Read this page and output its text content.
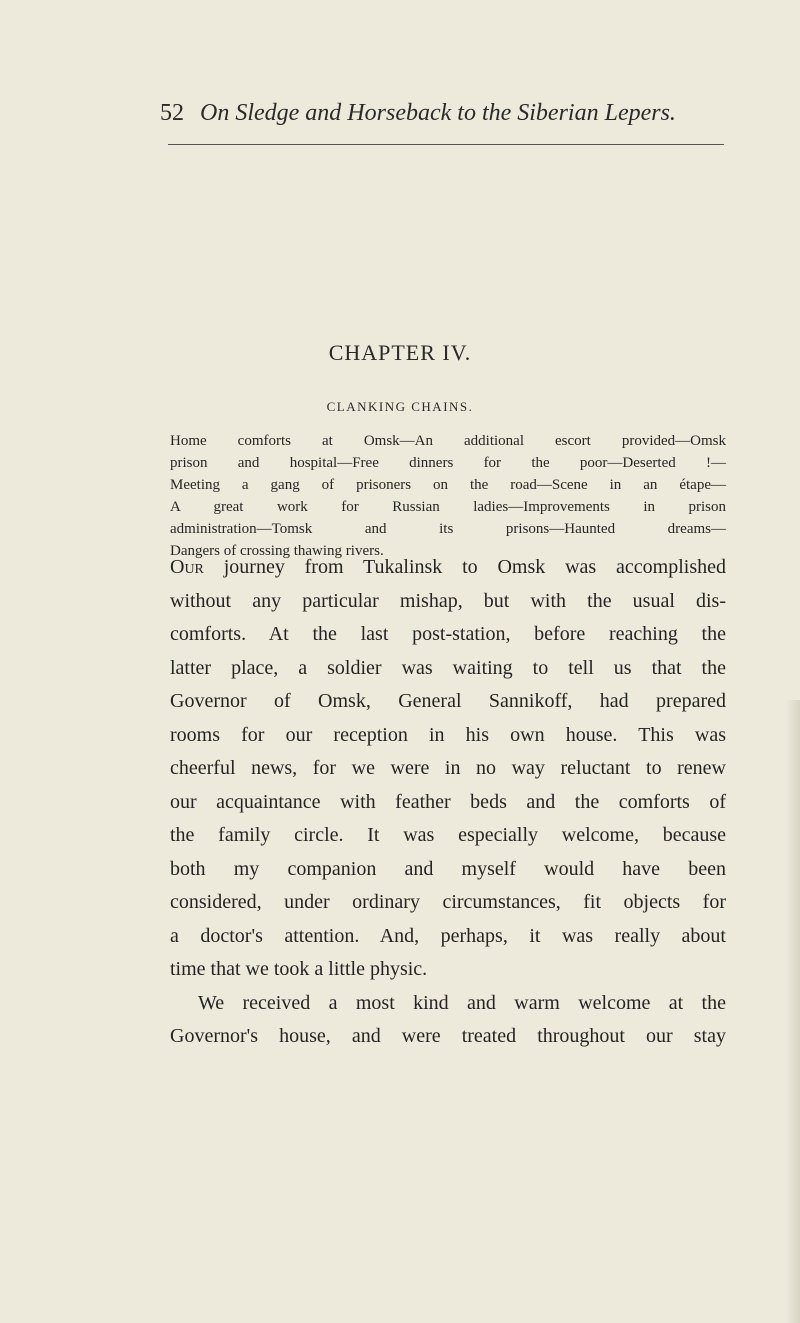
52 On Sledge and Horseback to the Siberian Lepers.
CHAPTER IV.
CLANKING CHAINS.
Home comforts at Omsk—An additional escort provided—Omsk
prison and hospital—Free dinners for the poor—Deserted !—
Meeting a gang of prisoners on the road—Scene in an étape—
A great work for Russian ladies—Improvements in prison
administration—Tomsk and its prisons—Haunted dreams—
Dangers of crossing thawing rivers.
Our journey from Tukalinsk to Omsk was accomplished
without any particular mishap, but with the usual dis-
comforts. At the last post-station, before reaching the
latter place, a soldier was waiting to tell us that the
Governor of Omsk, General Sannikoff, had prepared
rooms for our reception in his own house. This was
cheerful news, for we were in no way reluctant to renew
our acquaintance with feather beds and the comforts of
the family circle. It was especially welcome, because
both my companion and myself would have been
considered, under ordinary circumstances, fit objects for
a doctor's attention. And, perhaps, it was really about
time that we took a little physic.
We received a most kind and warm welcome at the
Governor's house, and were treated throughout our stay
